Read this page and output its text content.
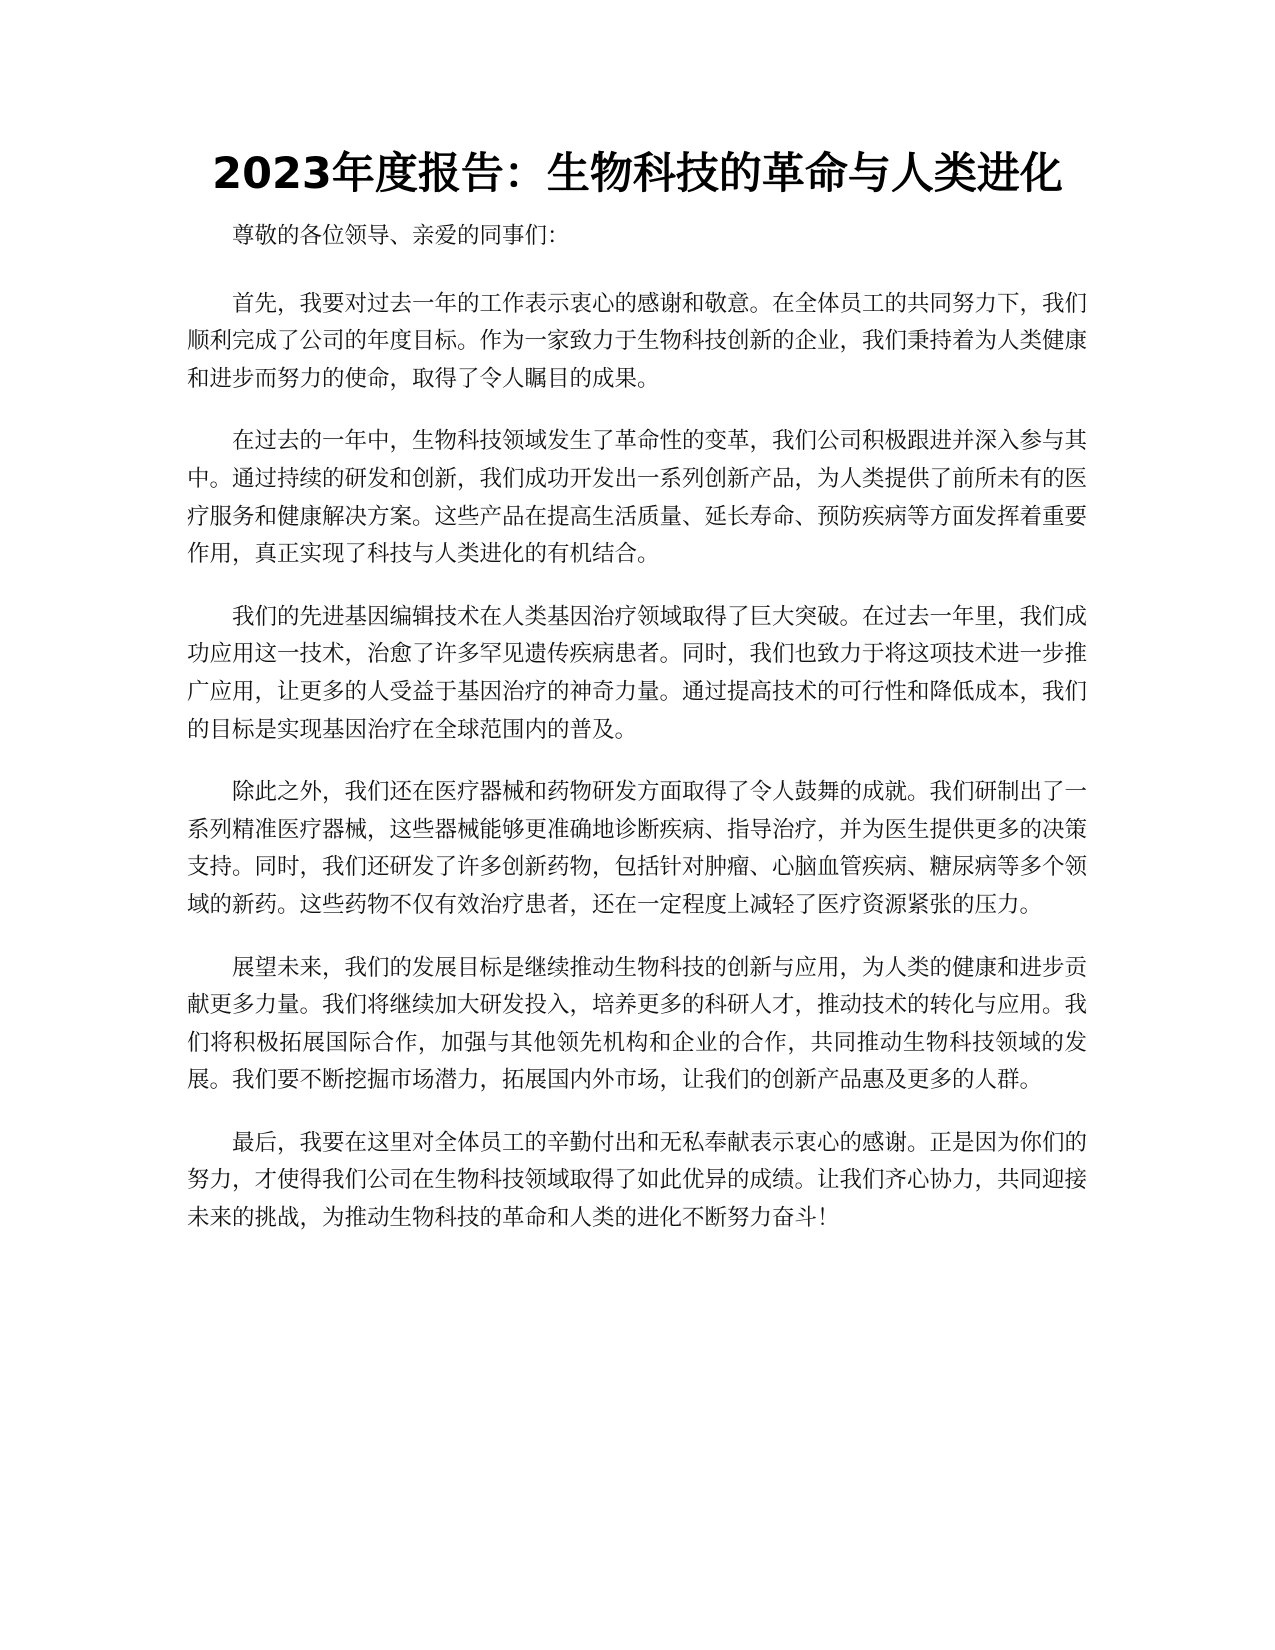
2023年度报告：生物科技的革命与人类进化

尊敬的各位领导、亲爱的同事们：

首先，我要对过去一年的工作表示衷心的感谢和敬意。在全体员工的共同努力下，我们顺利完成了公司的年度目标。作为一家致力于生物科技创新的企业，我们秉持着为人类健康和进步而努力的使命，取得了令人瞩目的成果。

在过去的一年中，生物科技领域发生了革命性的变革，我们公司积极跟进并深入参与其中。通过持续的研发和创新，我们成功开发出一系列创新产品，为人类提供了前所未有的医疗服务和健康解决方案。这些产品在提高生活质量、延长寿命、预防疾病等方面发挥着重要作用，真正实现了科技与人类进化的有机结合。

我们的先进基因编辑技术在人类基因治疗领域取得了巨大突破。在过去一年里，我们成功应用这一技术，治愈了许多罕见遗传疾病患者。同时，我们也致力于将这项技术进一步推广应用，让更多的人受益于基因治疗的神奇力量。通过提高技术的可行性和降低成本，我们的目标是实现基因治疗在全球范围内的普及。

除此之外，我们还在医疗器械和药物研发方面取得了令人鼓舞的成就。我们研制出了一系列精准医疗器械，这些器械能够更准确地诊断疾病、指导治疗，并为医生提供更多的决策支持。同时，我们还研发了许多创新药物，包括针对肿瘤、心脑血管疾病、糖尿病等多个领域的新药。这些药物不仅有效治疗患者，还在一定程度上减轻了医疗资源紧张的压力。

展望未来，我们的发展目标是继续推动生物科技的创新与应用，为人类的健康和进步贡献更多力量。我们将继续加大研发投入，培养更多的科研人才，推动技术的转化与应用。我们将积极拓展国际合作，加强与其他领先机构和企业的合作，共同推动生物科技领域的发展。我们要不断挖掘市场潜力，拓展国内外市场，让我们的创新产品惠及更多的人群。

最后，我要在这里对全体员工的辛勤付出和无私奉献表示衷心的感谢。正是因为你们的努力，才使得我们公司在生物科技领域取得了如此优异的成绩。让我们齐心协力，共同迎接未来的挑战，为推动生物科技的革命和人类的进化不断努力奋斗！
